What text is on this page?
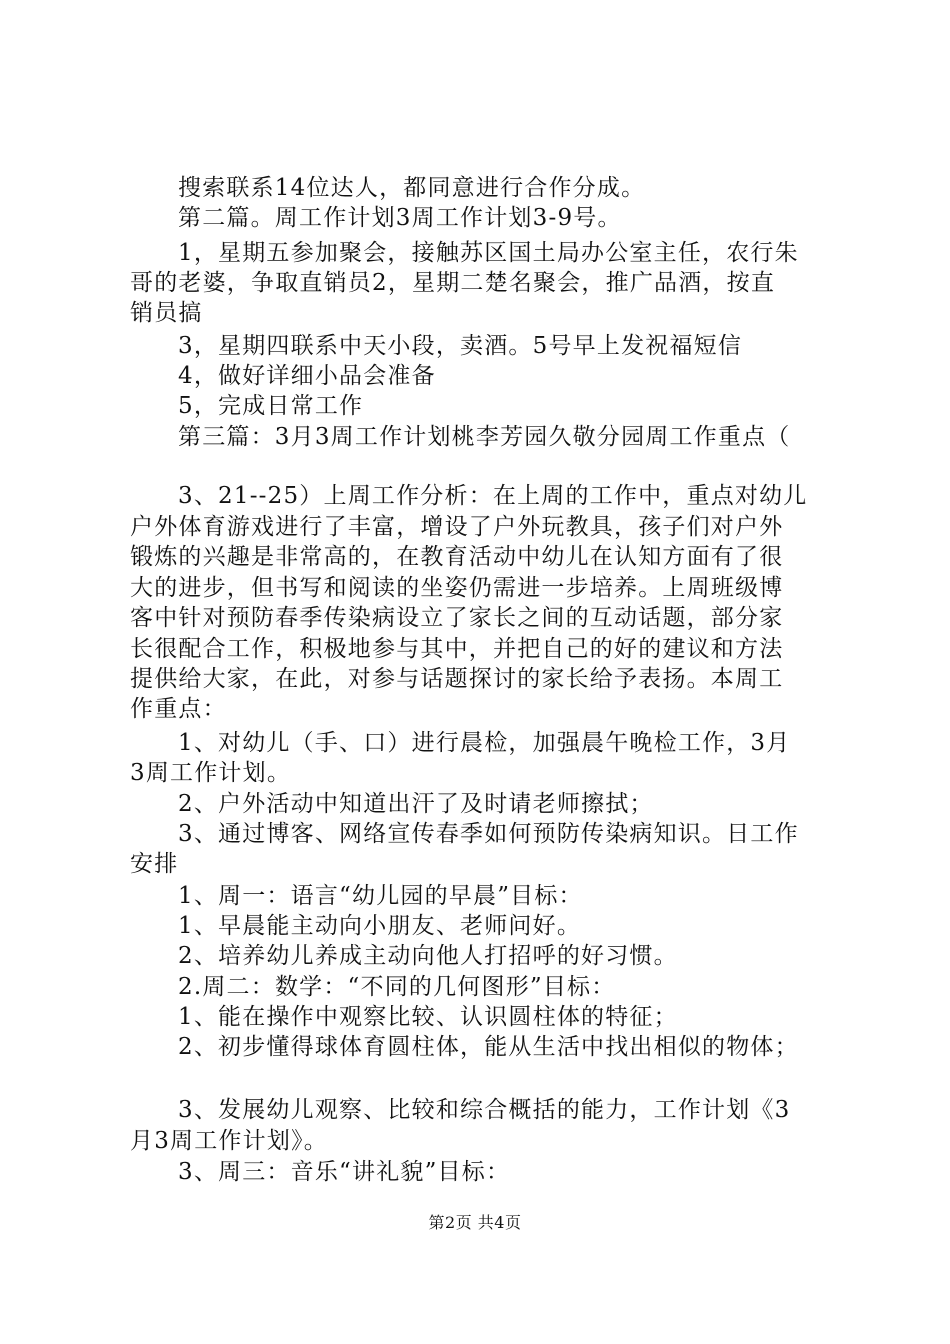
搜索联系14位达人，都同意进行合作分成。
第二篇。周工作计划3周工作计划3-9号。
1，星期五参加聚会，接触苏区国土局办公室主任，农行朱
哥的老婆，争取直销员2，星期二楚名聚会，推广品酒，按直
销员搞
3，星期四联系中天小段，卖酒。5号早上发祝福短信
4，做好详细小品会准备
5，完成日常工作
第三篇：3月3周工作计划桃李芳园久敬分园周工作重点（
3、21--25）上周工作分析：在上周的工作中，重点对幼儿
户外体育游戏进行了丰富，增设了户外玩教具，孩子们对户外
锻炼的兴趣是非常高的，在教育活动中幼儿在认知方面有了很
大的进步，但书写和阅读的坐姿仍需进一步培养。上周班级博
客中针对预防春季传染病设立了家长之间的互动话题，部分家
长很配合工作，积极地参与其中，并把自己的好的建议和方法
提供给大家，在此，对参与话题探讨的家长给予表扬。本周工
作重点：
1、对幼儿（手、口）进行晨检，加强晨午晚检工作，3月
3周工作计划。
2、户外活动中知道出汗了及时请老师擦拭；
3、通过博客、网络宣传春季如何预防传染病知识。日工作
安排
1、周一：语言“幼儿园的早晨”目标：
1、早晨能主动向小朋友、老师问好。
2、培养幼儿养成主动向他人打招呼的好习惯。
2.周二：数学：“不同的几何图形”目标：
1、能在操作中观察比较、认识圆柱体的特征；
2、初步懂得球体育圆柱体，能从生活中找出相似的物体；
3、发展幼儿观察、比较和综合概括的能力，工作计划《3
月3周工作计划》。
3、周三：音乐“讲礼貌”目标：
第2页 共4页
